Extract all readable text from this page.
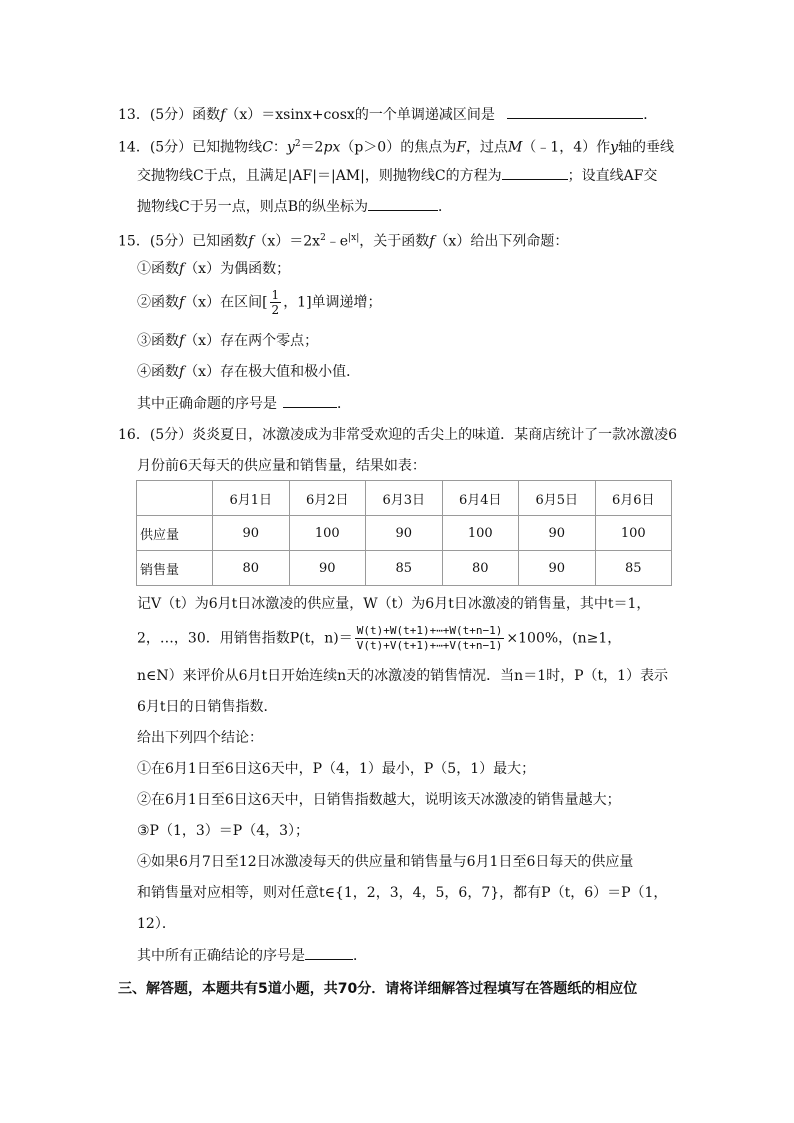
13．(5分）函数f（x）＝xsinx+cosx的一个单调递减区间是	．
14．(5分）已知抛物线C：$y^2=2px(p>0)$的焦点为F，过点M（﹣1，4）作y轴的垂线
交抛物线C于点，且满足|AF|＝|AM|，则抛物线C的方程为	；设直线AF交
抛物线C于另一点，则点B的纵坐标为	．
15．(5分）已知函数$f(x)=2x^2﹣e^{|x|}$，关于函数f（x）给出下列命题：
①函数f（x）为偶函数；
②函数f（x）在区间[ $\frac{1}{2}$ ，1]单调递增；
③函数f（x）存在两个零点；
④函数f（x）存在极大值和极小值．
其中正确命题的序号是	．
16．(5分）炎炎夏日，冰激凌成为非常受欢迎的舌尖上的味道．某商店统计了一款冰激凌6
月份前6天每天的供应量和销售量，结果如表：
	6月1日	6月2日	6月3日	6月4日	6月5日	6月6日
供应量	90	100	90	100	90	100
销售量	80	90	85	80	90	85
记V（t）为6月t日冰激凌的供应量，W（t）为6月t日冰激凌的销售量，其中t＝1，
2，…，30．用销售指数P(t，$n)= \frac{W(t)+W(t+1)+\cdots+W(t+n-1)}{V(t)+V(t+1)+\cdots+V(t+n-1)} \times 100\%$，(n≥1，
n∈N）来评价从6月t日开始连续n天的冰激凌的销售情况．当n＝1时，P（t，1）表示
6月t日的日销售指数．
给出下列四个结论：
①在6月1日至6日这6天中，P（4，1）最小，P（5，1）最大；
②在6月1日至6日这6天中，日销售指数越大，说明该天冰激凌的销售量越大；
③P（1，3）＝P（4，3）；
④如果6月7日至12日冰激凌每天的供应量和销售量与6月1日至6日每天的供应量
和销售量对应相等，则对任意t∈{1，2，3，4，5，6，7}，都有P（t，6）＝P（1，
12）．
其中所有正确结论的序号是	．
三、解答题，本题共有5道小题，共70分．请将详细解答过程填写在答题纸的相应位
